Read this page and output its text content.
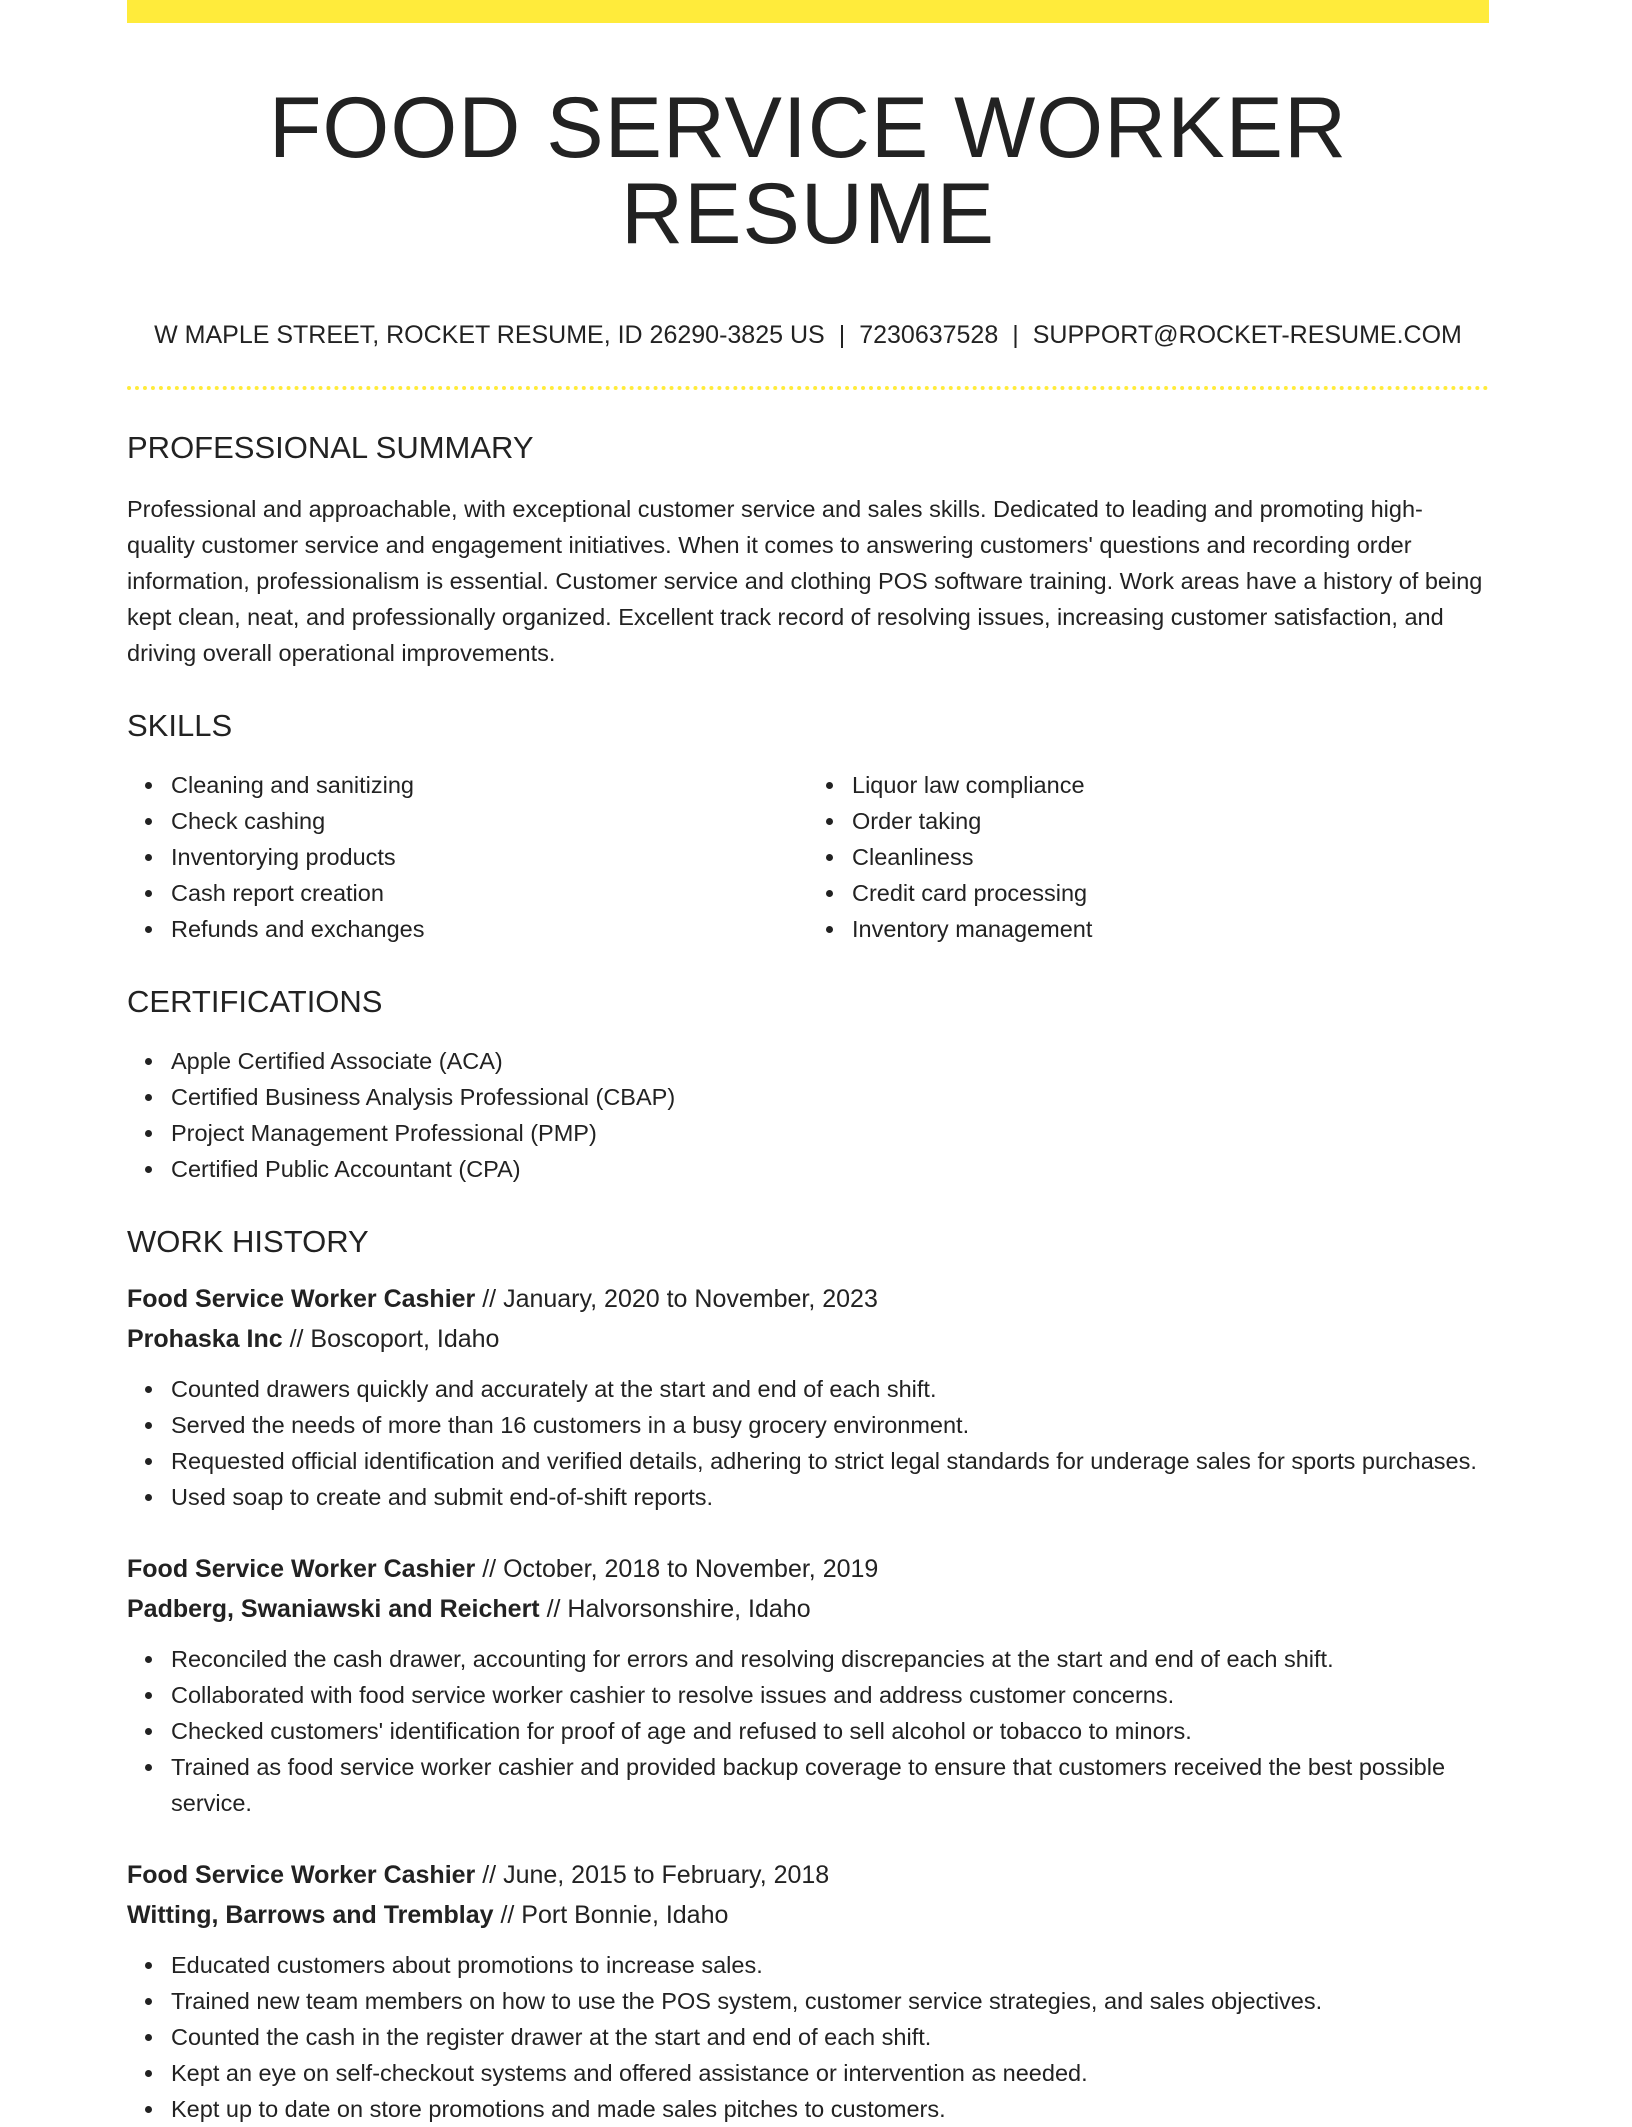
FOOD SERVICE WORKER RESUME
W MAPLE STREET, ROCKET RESUME, ID 26290-3825 US | 7230637528 | SUPPORT@ROCKET-RESUME.COM
PROFESSIONAL SUMMARY
Professional and approachable, with exceptional customer service and sales skills. Dedicated to leading and promoting high-quality customer service and engagement initiatives. When it comes to answering customers' questions and recording order information, professionalism is essential. Customer service and clothing POS software training. Work areas have a history of being kept clean, neat, and professionally organized. Excellent track record of resolving issues, increasing customer satisfaction, and driving overall operational improvements.
SKILLS
Cleaning and sanitizing
Check cashing
Inventorying products
Cash report creation
Refunds and exchanges
Liquor law compliance
Order taking
Cleanliness
Credit card processing
Inventory management
CERTIFICATIONS
Apple Certified Associate (ACA)
Certified Business Analysis Professional (CBAP)
Project Management Professional (PMP)
Certified Public Accountant (CPA)
WORK HISTORY
Food Service Worker Cashier // January, 2020 to November, 2023
Prohaska Inc // Boscoport, Idaho
Counted drawers quickly and accurately at the start and end of each shift.
Served the needs of more than 16 customers in a busy grocery environment.
Requested official identification and verified details, adhering to strict legal standards for underage sales for sports purchases.
Used soap to create and submit end-of-shift reports.
Food Service Worker Cashier // October, 2018 to November, 2019
Padberg, Swaniawski and Reichert // Halvorsonshire, Idaho
Reconciled the cash drawer, accounting for errors and resolving discrepancies at the start and end of each shift.
Collaborated with food service worker cashier to resolve issues and address customer concerns.
Checked customers' identification for proof of age and refused to sell alcohol or tobacco to minors.
Trained as food service worker cashier and provided backup coverage to ensure that customers received the best possible service.
Food Service Worker Cashier // June, 2015 to February, 2018
Witting, Barrows and Tremblay // Port Bonnie, Idaho
Educated customers about promotions to increase sales.
Trained new team members on how to use the POS system, customer service strategies, and sales objectives.
Counted the cash in the register drawer at the start and end of each shift.
Kept an eye on self-checkout systems and offered assistance or intervention as needed.
Kept up to date on store promotions and made sales pitches to customers.
